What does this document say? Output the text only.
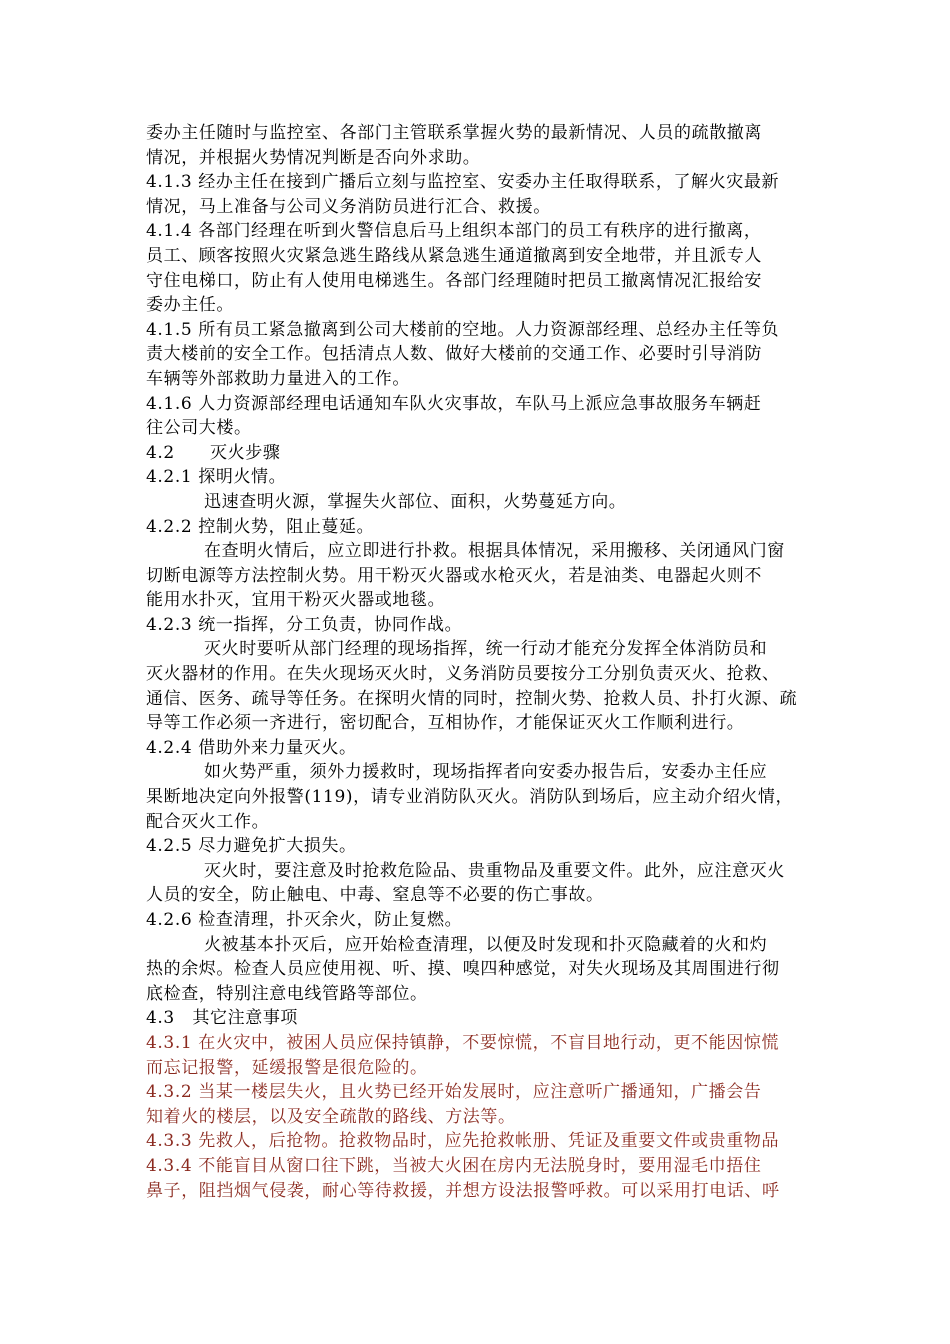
委办主任随时与监控室、各部门主管联系掌握火势的最新情况、人员的疏散撤离
情况，并根据火势情况判断是否向外求助。
4.1.3 经办主任在接到广播后立刻与监控室、安委办主任取得联系，了解火灾最新
情况，马上准备与公司义务消防员进行汇合、救援。
4.1.4 各部门经理在听到火警信息后马上组织本部门的员工有秩序的进行撤离，
员工、顾客按照火灾紧急逃生路线从紧急逃生通道撤离到安全地带，并且派专人
守住电梯口，防止有人使用电梯逃生。各部门经理随时把员工撤离情况汇报给安
委办主任。
4.1.5 所有员工紧急撤离到公司大楼前的空地。人力资源部经理、总经办主任等负
责大楼前的安全工作。包括清点人数、做好大楼前的交通工作、必要时引导消防
车辆等外部救助力量进入的工作。
4.1.6 人力资源部经理电话通知车队火灾事故，车队马上派应急事故服务车辆赶
往公司大楼。
4.2　　灭火步骤
4.2.1 探明火情。
迅速查明火源，掌握失火部位、面积，火势蔓延方向。
4.2.2 控制火势，阻止蔓延。
在查明火情后，应立即进行扑救。根据具体情况，采用搬移、关闭通风门窗
切断电源等方法控制火势。用干粉灭火器或水枪灭火，若是油类、电器起火则不
能用水扑灭，宜用干粉灭火器或地毯。
4.2.3 统一指挥，分工负责，协同作战。
灭火时要听从部门经理的现场指挥，统一行动才能充分发挥全体消防员和
灭火器材的作用。在失火现场灭火时，义务消防员要按分工分别负责灭火、抢救、
通信、医务、疏导等任务。在探明火情的同时，控制火势、抢救人员、扑打火源、疏
导等工作必须一齐进行，密切配合，互相协作，才能保证灭火工作顺利进行。
4.2.4 借助外来力量灭火。
如火势严重，须外力援救时，现场指挥者向安委办报告后，安委办主任应
果断地决定向外报警(119)，请专业消防队灭火。消防队到场后，应主动介绍火情，
配合灭火工作。
4.2.5 尽力避免扩大损失。
灭火时，要注意及时抢救危险品、贵重物品及重要文件。此外，应注意灭火
人员的安全，防止触电、中毒、窒息等不必要的伤亡事故。
4.2.6 检查清理，扑灭余火，防止复燃。
火被基本扑灭后，应开始检查清理，以便及时发现和扑灭隐藏着的火和灼
热的余烬。检查人员应使用视、听、摸、嗅四种感觉，对失火现场及其周围进行彻
底检查，特别注意电线管路等部位。
4.3　其它注意事项
4.3.1 在火灾中，被困人员应保持镇静，不要惊慌，不盲目地行动，更不能因惊慌
而忘记报警，延缓报警是很危险的。
4.3.2 当某一楼层失火，且火势已经开始发展时，应注意听广播通知，广播会告
知着火的楼层，以及安全疏散的路线、方法等。
4.3.3 先救人，后抢物。抢救物品时，应先抢救帐册、凭证及重要文件或贵重物品
4.3.4 不能盲目从窗口往下跳，当被大火困在房内无法脱身时，要用湿毛巾捂住
鼻子，阻挡烟气侵袭，耐心等待救援，并想方设法报警呼救。可以采用打电话、呼
